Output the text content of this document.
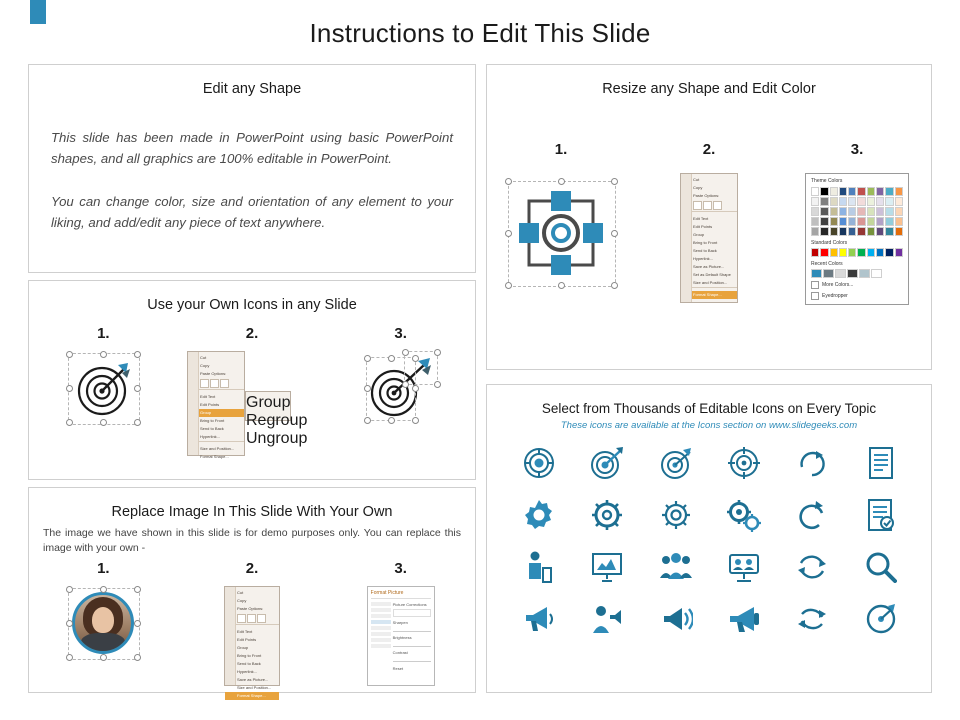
Instructions to Edit This Slide
Edit any Shape
This slide has been made in PowerPoint using basic PowerPoint shapes, and all graphics are 100% editable in PowerPoint.
You can change color, size and orientation of any element to your liking, and add/edit any piece of text anywhere.
Use your Own Icons in any Slide
1.	2.	3.
Cut
Copy
Paste Options:
Edit Text
Edit Points
Group
Bring to Front
Send to Back
Hyperlink...
Size and Position...
Format Shape...
Group
Regroup
Ungroup
Replace Image In This Slide With Your Own
The image we have shown in this slide is for demo purposes only. You can replace this image with your own -
1.	2.	3.
Cut
Copy
Paste Options:
Edit Text
Edit Points
Group
Bring to Front
Send to Back
Hyperlink...
Save as Picture...
Size and Position...
Format Shape...
Format Picture
Picture Corrections
Sharpen
Brightness
Contrast
Reset
Resize any Shape and Edit Color
1.	2.	3.
Cut
Copy
Paste Options:
Edit Text
Edit Points
Group
Bring to Front
Send to Back
Hyperlink...
Save as Picture...
Set as Default Shape
Size and Position...
Format Shape...
Theme Colors
Standard Colors
Recent Colors
More Colors...
Eyedropper
Select from Thousands of Editable Icons on Every Topic
These icons are available at the Icons section on www.slidegeeks.com
